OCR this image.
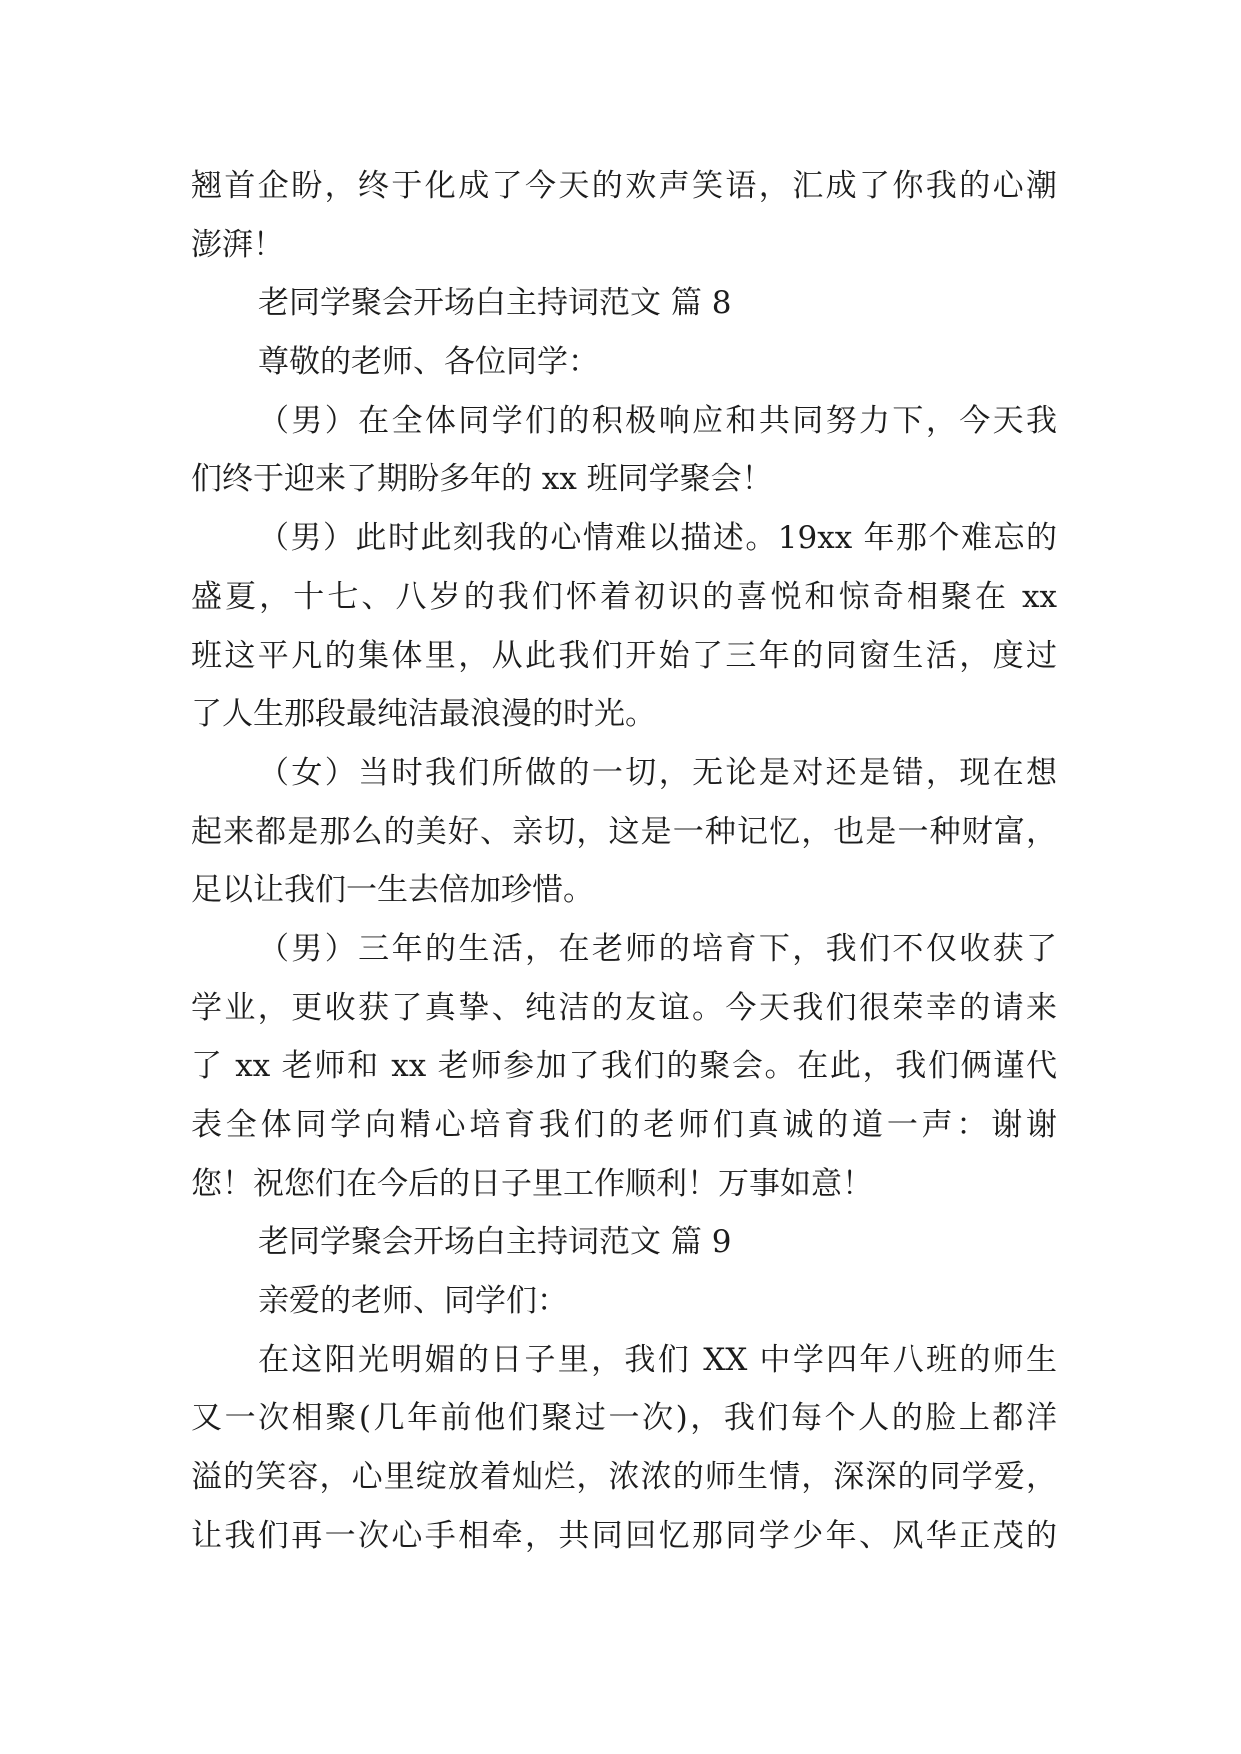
翘首企盼，终于化成了今天的欢声笑语，汇成了你我的心潮
澎湃！
老同学聚会开场白主持词范文 篇 8
尊敬的老师、各位同学：
（男）在全体同学们的积极响应和共同努力下，今天我
们终于迎来了期盼多年的 xx 班同学聚会！
（男）此时此刻我的心情难以描述。19xx 年那个难忘的
盛夏，十七、八岁的我们怀着初识的喜悦和惊奇相聚在 xx
班这平凡的集体里，从此我们开始了三年的同窗生活，度过
了人生那段最纯洁最浪漫的时光。
（女）当时我们所做的一切，无论是对还是错，现在想
起来都是那么的美好、亲切，这是一种记忆，也是一种财富，
足以让我们一生去倍加珍惜。
（男）三年的生活，在老师的培育下，我们不仅收获了
学业，更收获了真挚、纯洁的友谊。今天我们很荣幸的请来
了 xx 老师和 xx 老师参加了我们的聚会。在此，我们俩谨代
表全体同学向精心培育我们的老师们真诚的道一声：谢谢
您！祝您们在今后的日子里工作顺利！万事如意！
老同学聚会开场白主持词范文 篇 9
亲爱的老师、同学们：
在这阳光明媚的日子里，我们 XX 中学四年八班的师生
又一次相聚(几年前他们聚过一次)，我们每个人的脸上都洋
溢的笑容，心里绽放着灿烂，浓浓的师生情，深深的同学爱，
让我们再一次心手相牵，共同回忆那同学少年、风华正茂的
